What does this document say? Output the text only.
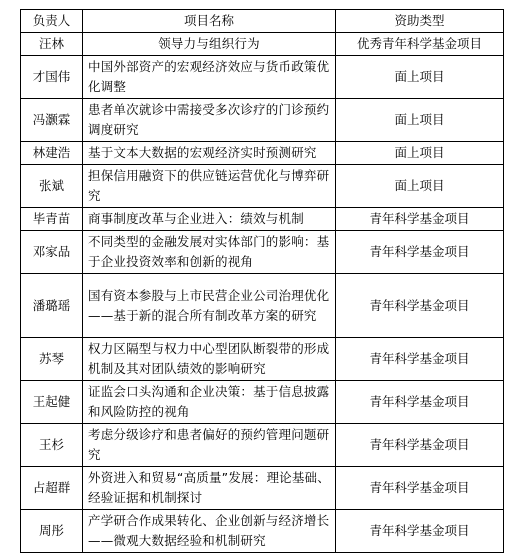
负责人	项目名称	资助类型
汪林	领导力与组织行为	优秀青年科学基金项目
才国伟	中国外部资产的宏观经济效应与货币政策优化调整	面上项目
冯灏霖	患者单次就诊中需接受多次诊疗的门诊预约调度研究	面上项目
林建浩	基于文本大数据的宏观经济实时预测研究	面上项目
张斌	担保信用融资下的供应链运营优化与博弈研究	面上项目
毕青苗	商事制度改革与企业进入：绩效与机制	青年科学基金项目
邓家品	不同类型的金融发展对实体部门的影响：基于企业投资效率和创新的视角	青年科学基金项目
潘璐瑶	国有资本参股与上市民营企业公司治理优化——基于新的混合所有制改革方案的研究	青年科学基金项目
苏琴	权力区隔型与权力中心型团队断裂带的形成机制及其对团队绩效的影响研究	青年科学基金项目
王起健	证监会口头沟通和企业决策：基于信息披露和风险防控的视角	青年科学基金项目
王杉	考虑分级诊疗和患者偏好的预约管理问题研究	青年科学基金项目
占超群	外资进入和贸易“高质量”发展：理论基础、经验证据和机制探讨	青年科学基金项目
周彤	产学研合作成果转化、企业创新与经济增长——微观大数据经验和机制研究	青年科学基金项目
